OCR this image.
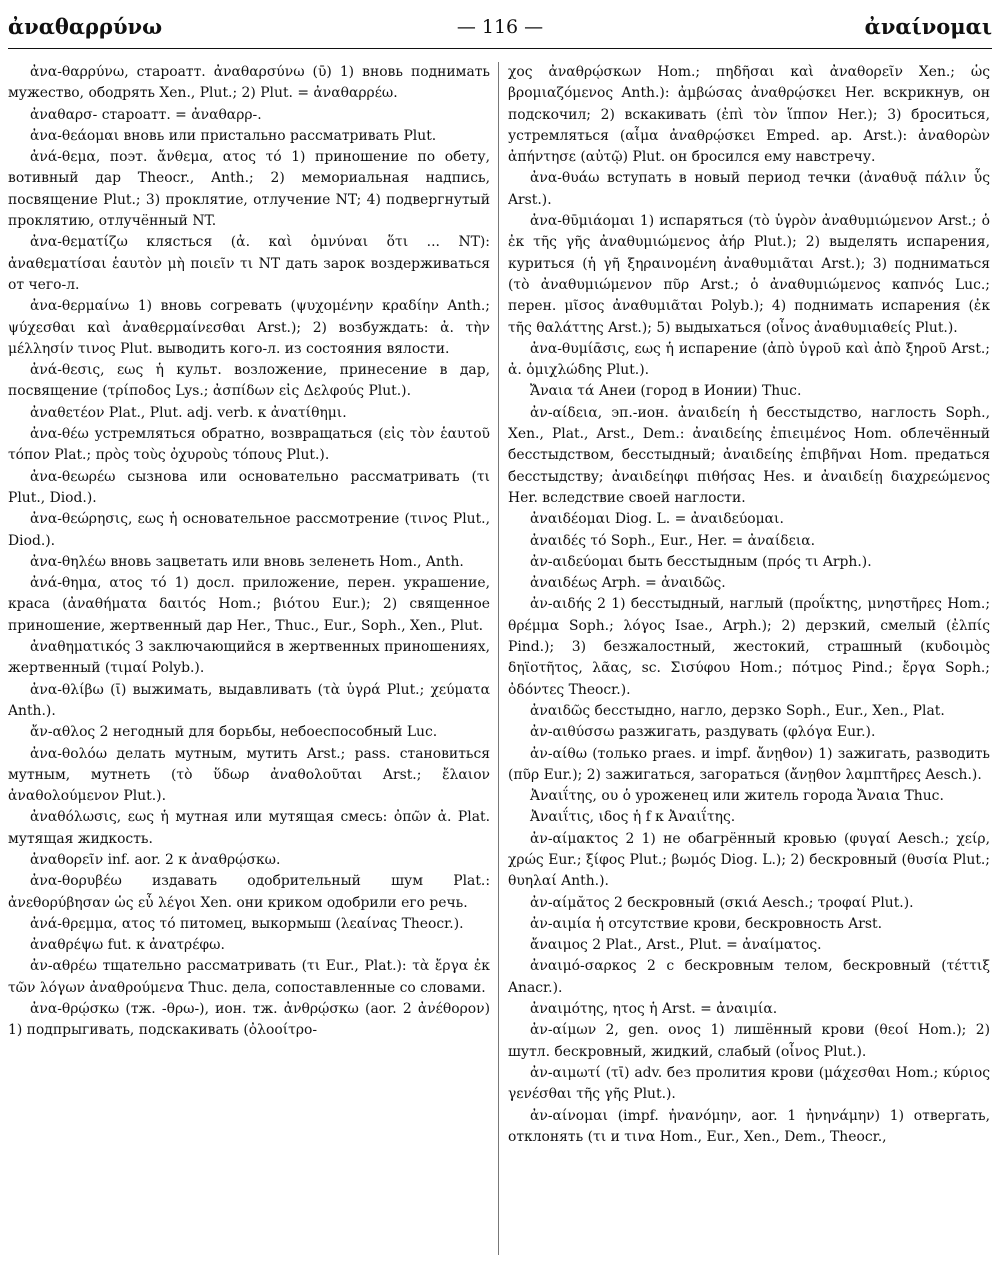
ἀναθαρρύνω	— 116 —	ἀναίνομαι

ἀνα-θαρρύνω, староатт. ἀναθαρσύνω (ῡ) 1) вновь поднимать мужество, ободрять Xen., Plut.; 2) Plut. = ἀναθαρρέω.

ἀναθαρσ- староатт. = ἀναθαρρ-.

ἀνα-θεάομαι вновь или пристально рассматривать Plut.

ἀνά-θεμα, поэт. ἄνθεμα, ατος τό 1) приношение по обету, вотивный дар Theocr., Anth.; 2) мемориальная надпись, посвящение Plut.; 3) проклятие, отлучение NT; 4) подвергнутый проклятию, отлучённый NT.

ἀνα-θεματίζω клясться (ἀ. καὶ ὀμνύναι ὅτι ... NT): ἀναθεματίσαι ἑαυτὸν μὴ ποιεῖν τι NT дать зарок воздерживаться от чего-л.

ἀνα-θερμαίνω 1) вновь согревать (ψυχομένην κραδίην Anth.; ψύχεσθαι καὶ ἀναθερμαίνεσθαι Arst.); 2) возбуждать: ἀ. τὴν μέλλησίν τινος Plut. выводить кого-л. из состояния вялости.

ἀνά-θεσις, εως ἡ культ. возложение, принесение в дар, посвящение (τρίποδος Lys.; ἀσπίδων εἰς Δελφούς Plut.).

ἀναθετέον Plat., Plut. adj. verb. к ἀνατίθημι.

ἀνα-θέω устремляться обратно, возвращаться (εἰς τὸν ἑαυτοῦ τόπον Plat.; πρὸς τοὺς ὀχυροὺς τόπους Plut.).

ἀνα-θεωρέω сызнова или основательно рассматривать (τι Plut., Diod.).

ἀνα-θεώρησις, εως ἡ основательное рассмотрение (τινος Plut., Diod.).

ἀνα-θηλέω вновь зацветать или вновь зеленеть Hom., Anth.

ἀνά-θημα, ατος τό 1) досл. приложение, перен. украшение, краса (ἀναθήματα δαιτός Hom.; βιότου Eur.); 2) священное приношение, жертвенный дар Her., Thuc., Eur., Soph., Xen., Plut.

ἀναθηματικός 3 заключающийся в жертвенных приношениях, жертвенный (τιμαί Polyb.).

ἀνα-θλίβω (ῑ) выжимать, выдавливать (τὰ ὑγρά Plut.; χεύματα Anth.).

ἄν-αθλος 2 негодный для борьбы, небоеспособный Luc.

ἀνα-θολόω делать мутным, мутить Arst.; pass. становиться мутным, мутнеть (τὸ ὕδωρ ἀναθολοῦται Arst.; ἔλαιον ἀναθολούμενον Plut.).

ἀναθόλωσις, εως ἡ мутная или мутящая смесь: ὀπῶν ἀ. Plat. мутящая жидкость.

ἀναθορεῖν inf. aor. 2 к ἀναθρῴσκω.

ἀνα-θορυβέω издавать одобрительный шум Plat.: ἀνεθορύβησαν ὡς εὖ λέγοι Xen. они криком одобрили его речь.

ἀνά-θρεμμα, ατος τό питомец, выкормыш (λεαίνας Theocr.).

ἀναθρέψω fut. к ἀνατρέφω.

ἀν-αθρέω тщательно рассматривать (τι Eur., Plat.): τὰ ἔργα ἐκ τῶν λόγων ἀναθρούμενα Thuc. дела, сопоставленные со словами.

ἀνα-θρῴσκω (тж. -θρω-), ион. тж. ἀνθρῴσκω (aor. 2 ἀνέθορον) 1) подпрыгивать, подскакивать (ὀλοοίτρο-

χος ἀναθρῴσκων Hom.; πηδῆσαι καὶ ἀναθορεῖν Xen.; ὡς βρομιαζόμενος Anth.): ἀμβώσας ἀναθρῴσκει Her. вскрикнув, он подскочил; 2) вскакивать (ἐπὶ τὸν ἵππον Her.); 3) броситься, устремляться (αἷμα ἀναθρῴσκει Emped. ap. Arst.): ἀναθορὼν ἀπήντησε (αὐτῷ) Plut. он бросился ему навстречу.

ἀνα-θυάω вступать в новый период течки (ἀναθυᾷ πάλιν ὗς Arst.).

ἀνα-θῡμιάομαι 1) испаряться (τὸ ὑγρὸν ἀναθυμιώμενον Arst.; ὁ ἐκ τῆς γῆς ἀναθυμιώμενος ἀήρ Plut.); 2) выделять испарения, куриться (ἡ γῆ ξηραινομένη ἀναθυμιᾶται Arst.); 3) подниматься (τὸ ἀναθυμιώμενον πῦρ Arst.; ὁ ἀναθυμιώμενος καπνός Luc.; перен. μῖσος ἀναθυμιᾶται Polyb.); 4) поднимать испарения (ἐκ τῆς θαλάττης Arst.); 5) выдыхаться (οἶνος ἀναθυμιαθείς Plut.).

ἀνα-θυμίᾱσις, εως ἡ испарение (ἀπὸ ὑγροῦ καὶ ἀπὸ ξηροῦ Arst.; ἀ. ὁμιχλώδης Plut.).

Ἄναια τά Анеи (город в Ионии) Thuc.

ἀν-αίδεια, эп.-ион. ἀναιδείη ἡ бесстыдство, наглость Soph., Xen., Plat., Arst., Dem.: ἀναιδείης ἐπιειμένος Hom. облечённый бесстыдством, бесстыдный; ἀναιδείης ἐπιβῆναι Hom. предаться бесстыдству; ἀναιδείηφι πιθήσας Hes. и ἀναιδείῃ διαχρεώμενος Her. вследствие своей наглости.

ἀναιδέομαι Diog. L. = ἀναιδεύομαι.

ἀναιδές τό Soph., Eur., Her. = ἀναίδεια.

ἀν-αιδεύομαι быть бесстыдным (πρός τι Arph.).

ἀναιδέως Arph. = ἀναιδῶς.

ἀν-αιδής 2 1) бесстыдный, наглый (προΐκτης, μνηστῆρες Hom.; θρέμμα Soph.; λόγος Isae., Arph.); 2) дерзкий, смелый (ἐλπίς Pind.); 3) безжалостный, жестокий, страшный (κυδοιμὸς δηϊοτῆτος, λᾶας, sc. Σισύφου Hom.; πότμος Pind.; ἔργα Soph.; ὀδόντες Theocr.).

ἀναιδῶς бесстыдно, нагло, дерзко Soph., Eur., Xen., Plat.

ἀν-αιθύσσω разжигать, раздувать (φλόγα Eur.).

ἀν-αίθω (только praes. и impf. ἄνῃθον) 1) зажигать, разводить (πῦρ Eur.); 2) зажигаться, загораться (ἄνῃθον λαμπτῆρες Aesch.).

Ἀναιΐτης, ου ὁ уроженец или житель города Ἄναια Thuc.

Ἀναιΐτις, ιδος ἡ f к Ἀναιΐτης.

ἀν-αίμακτος 2 1) не обагрённый кровью (φυγαί Aesch.; χείρ, χρώς Eur.; ξίφος Plut.; βωμός Diog. L.); 2) бескровный (θυσία Plut.; θυηλαί Anth.).

ἀν-αίμᾰτος 2 бескровный (σκιά Aesch.; τροφαί Plut.).

ἀν-αιμία ἡ отсутствие крови, бескровность Arst.

ἄναιμος 2 Plat., Arst., Plut. = ἀναίματος.

ἀναιμό-σαρκος 2 с бескровным телом, бескровный (τέττιξ Anacr.).

ἀναιμότης, ητος ἡ Arst. = ἀναιμία.

ἀν-αίμων 2, gen. ονος 1) лишённый крови (θεοί Hom.); 2) шутл. бескровный, жидкий, слабый (οἶνος Plut.).

ἀν-αιμωτί (τῑ) adv. без пролития крови (μάχεσθαι Hom.; κύριος γενέσθαι τῆς γῆς Plut.).

ἀν-αίνομαι (impf. ἠνανόμην, aor. 1 ἠνηνάμην) 1) отвергать, отклонять (τι и τινα Hom., Eur., Xen., Dem., Theocr.,
